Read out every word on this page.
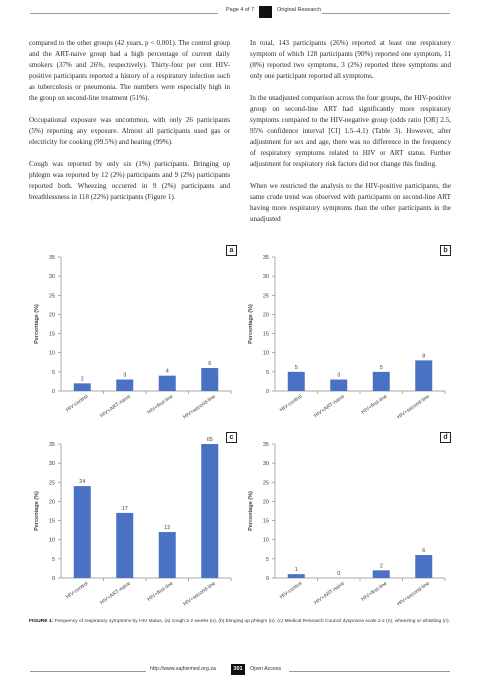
Page 4 of 7	Original Research

compared to the other groups (42 years, p < 0.001). The control group and the ART-naive group had a high percentage of current daily smokers (37% and 26%, respectively). Thirty-four per cent HIV-positive participants reported a history of a respiratory infection such as tuberculosis or pneumonia. The numbers were especially high in the group on second-line treatment (51%).

Occupational exposure was uncommon, with only 26 participants (5%) reporting any exposure. Almost all participants used gas or electricity for cooking (99.5%) and heating (99%).

Cough was reported by only six (1%) participants. Bringing up phlegm was reported by 12 (2%) participants and 9 (2%) participants reported both. Wheezing occurred in 9 (2%) participants and breathlessness in 118 (22%) participants (Figure 1).

In total, 143 participants (26%) reported at least one respiratory symptom of which 128 participants (90%) reported one symptom, 11 (8%) reported two symptoms, 3 (2%) reported three symptoms and only one participant reported all symptoms.

In the unadjusted comparison across the four groups, the HIV-positive group on second-line ART had significantly more respiratory symptoms compared to the HIV-negative group (odds ratio [OR] 2.5, 95% confidence interval [CI] 1.5–4.1) (Table 3). However, after adjustment for sex and age, there was no difference in the frequency of respiratory symptoms related to HIV or ART status. Further adjustment for respiratory risk factors did not change this finding.

When we restricted the analysis to the HIV-positive participants, the same crude trend was observed with participants on second-line ART having more respiratory symptoms than the other participants in the unadjusted

0
5
10
15
20
25
30
35
Percentage (%)
2
HIV-control
3
HIV+ART-naive
4
HIV+first-line
6
HIV+second-line
a
0
5
10
15
20
25
30
35
Percentage (%)
5
HIV-control
3
HIV+ART-naive
5
HIV+first-line
8
HIV+second-line
b
0
5
10
15
20
25
30
35
Percentage (%)
24
HIV-control
17
HIV+ART-naive
12
HIV+first-line
65
HIV+second-line
c
0
5
10
15
20
25
30
35
Percentage (%)
1
HIV-control
0
HIV+ART-naive
2
HIV+first-line
6
HIV+second-line
d
FIGURE 1: Frequency of respiratory symptoms by HIV status, (a) cough ≥ 2 weeks (n), (b) bringing up phlegm (n), (c) Medical Research Council dyspnoea scale ≥ 2 (n), wheezing or whistling (n).
http://www.sajhivmed.org.za	301	Open Access
